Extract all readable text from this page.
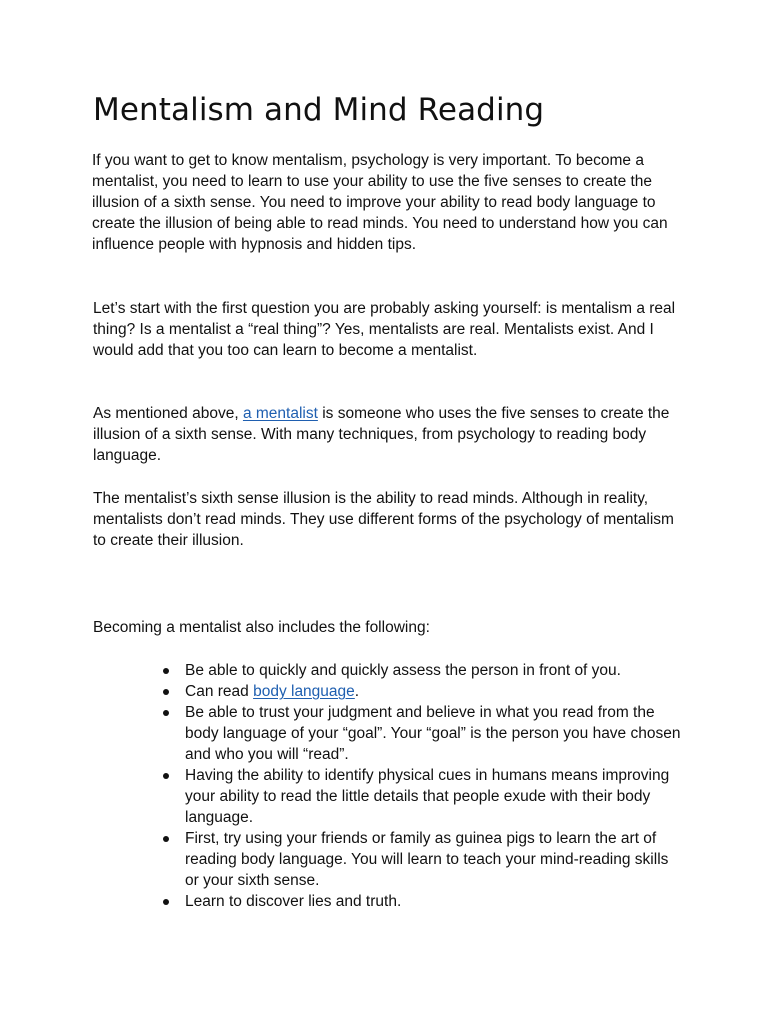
Mentalism and Mind Reading

If you want to get to know mentalism, psychology is very important. To become a mentalist, you need to learn to use your ability to use the five senses to create the illusion of a sixth sense. You need to improve your ability to read body language to create the illusion of being able to read minds. You need to understand how you can influence people with hypnosis and hidden tips.

Let’s start with the first question you are probably asking yourself: is mentalism a real thing? Is a mentalist a “real thing”? Yes, mentalists are real. Mentalists exist. And I would add that you too can learn to become a mentalist.

As mentioned above, a mentalist is someone who uses the five senses to create the illusion of a sixth sense. With many techniques, from psychology to reading body language.

The mentalist’s sixth sense illusion is the ability to read minds. Although in reality, mentalists don’t read minds. They use different forms of the psychology of mentalism to create their illusion.

Becoming a mentalist also includes the following:

Be able to quickly and quickly assess the person in front of you.
Can read body language.
Be able to trust your judgment and believe in what you read from the body language of your “goal”. Your “goal” is the person you have chosen and who you will “read”.
Having the ability to identify physical cues in humans means improving your ability to read the little details that people exude with their body language.
First, try using your friends or family as guinea pigs to learn the art of reading body language. You will learn to teach your mind-reading skills or your sixth sense.
Learn to discover lies and truth.
